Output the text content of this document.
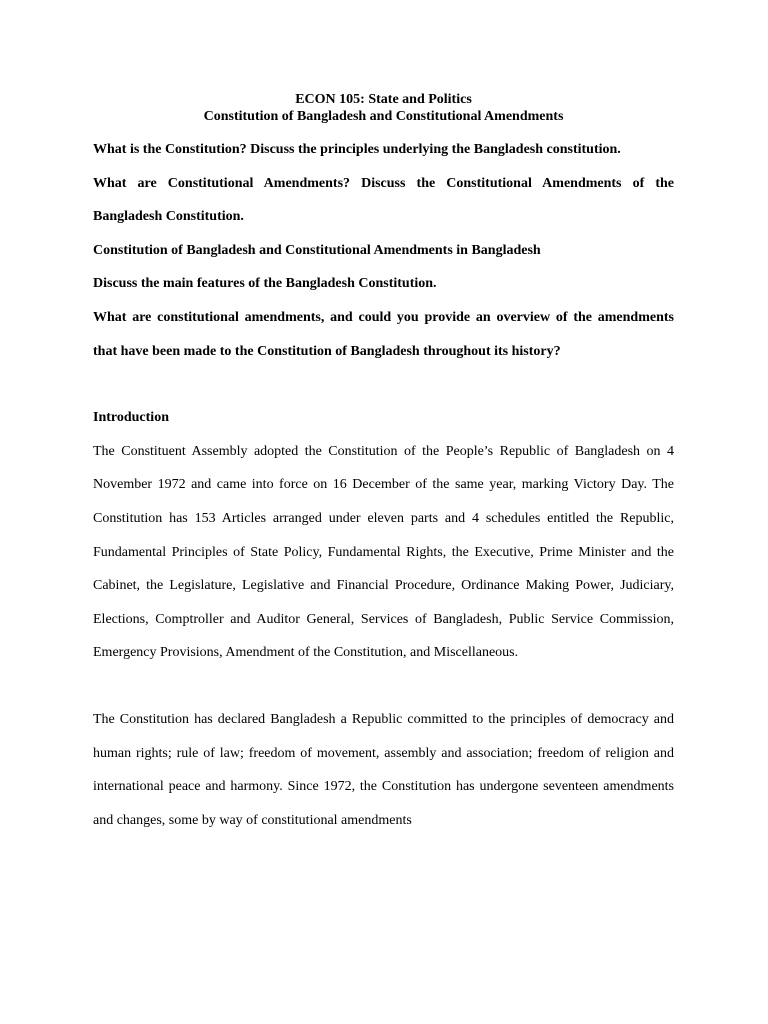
ECON 105: State and Politics

Constitution of Bangladesh and Constitutional Amendments

What is the Constitution? Discuss the principles underlying the Bangladesh constitution.

What are Constitutional Amendments? Discuss the Constitutional Amendments of the Bangladesh Constitution.

Constitution of Bangladesh and Constitutional Amendments in Bangladesh

Discuss the main features of the Bangladesh Constitution.

What are constitutional amendments, and could you provide an overview of the amendments that have been made to the Constitution of Bangladesh throughout its history?

Introduction

The Constituent Assembly adopted the Constitution of the People’s Republic of Bangladesh on 4 November 1972 and came into force on 16 December of the same year, marking Victory Day. The Constitution has 153 Articles arranged under eleven parts and 4 schedules entitled the Republic, Fundamental Principles of State Policy, Fundamental Rights, the Executive, Prime Minister and the Cabinet, the Legislature, Legislative and Financial Procedure, Ordinance Making Power, Judiciary, Elections, Comptroller and Auditor General, Services of Bangladesh, Public Service Commission, Emergency Provisions, Amendment of the Constitution, and Miscellaneous.

The Constitution has declared Bangladesh a Republic committed to the principles of democracy and human rights; rule of law; freedom of movement, assembly and association; freedom of religion and international peace and harmony. Since 1972, the Constitution has undergone seventeen amendments and changes, some by way of constitutional amendments
